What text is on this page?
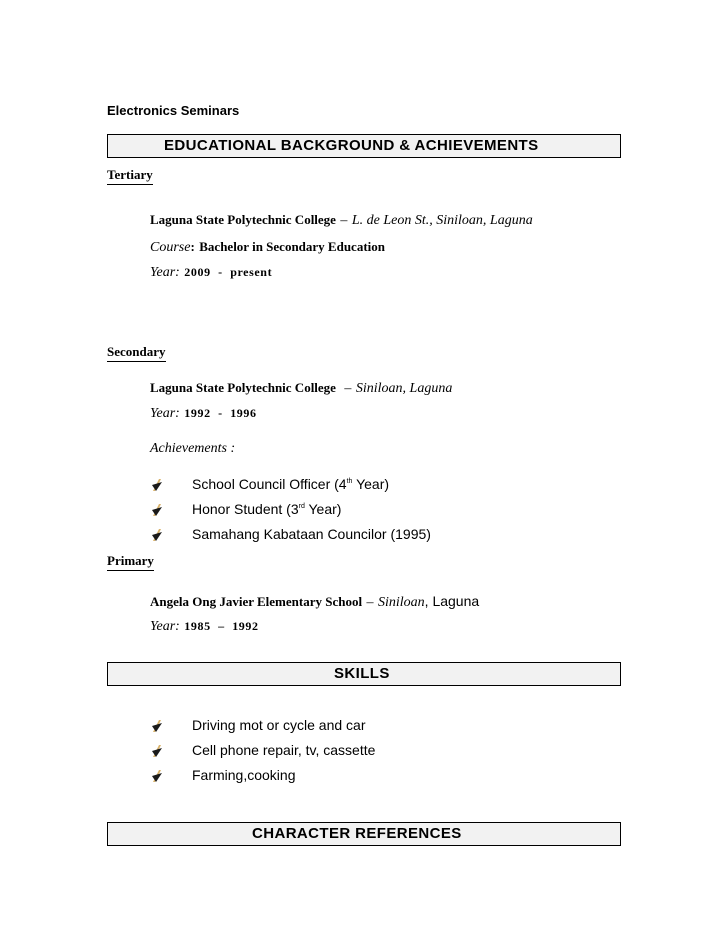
Electronics Seminars
EDUCATIONAL BACKGROUND & ACHIEVEMENTS
Tertiary
Laguna State Polytechnic College – L. de Leon St., Siniloan, Laguna
Course: Bachelor in Secondary Education
Year: 2009 - present
Secondary
Laguna State Polytechnic College – Siniloan, Laguna
Year: 1992 - 1996
Achievements :
School Council Officer (4th Year)
Honor Student (3rd Year)
Samahang Kabataan Councilor (1995)
Primary
Angela Ong Javier Elementary School – Siniloan, Laguna
Year: 1985 – 1992
SKILLS
Driving mot or cycle and car
Cell phone repair, tv, cassette
Farming,cooking
CHARACTER REFERENCES
